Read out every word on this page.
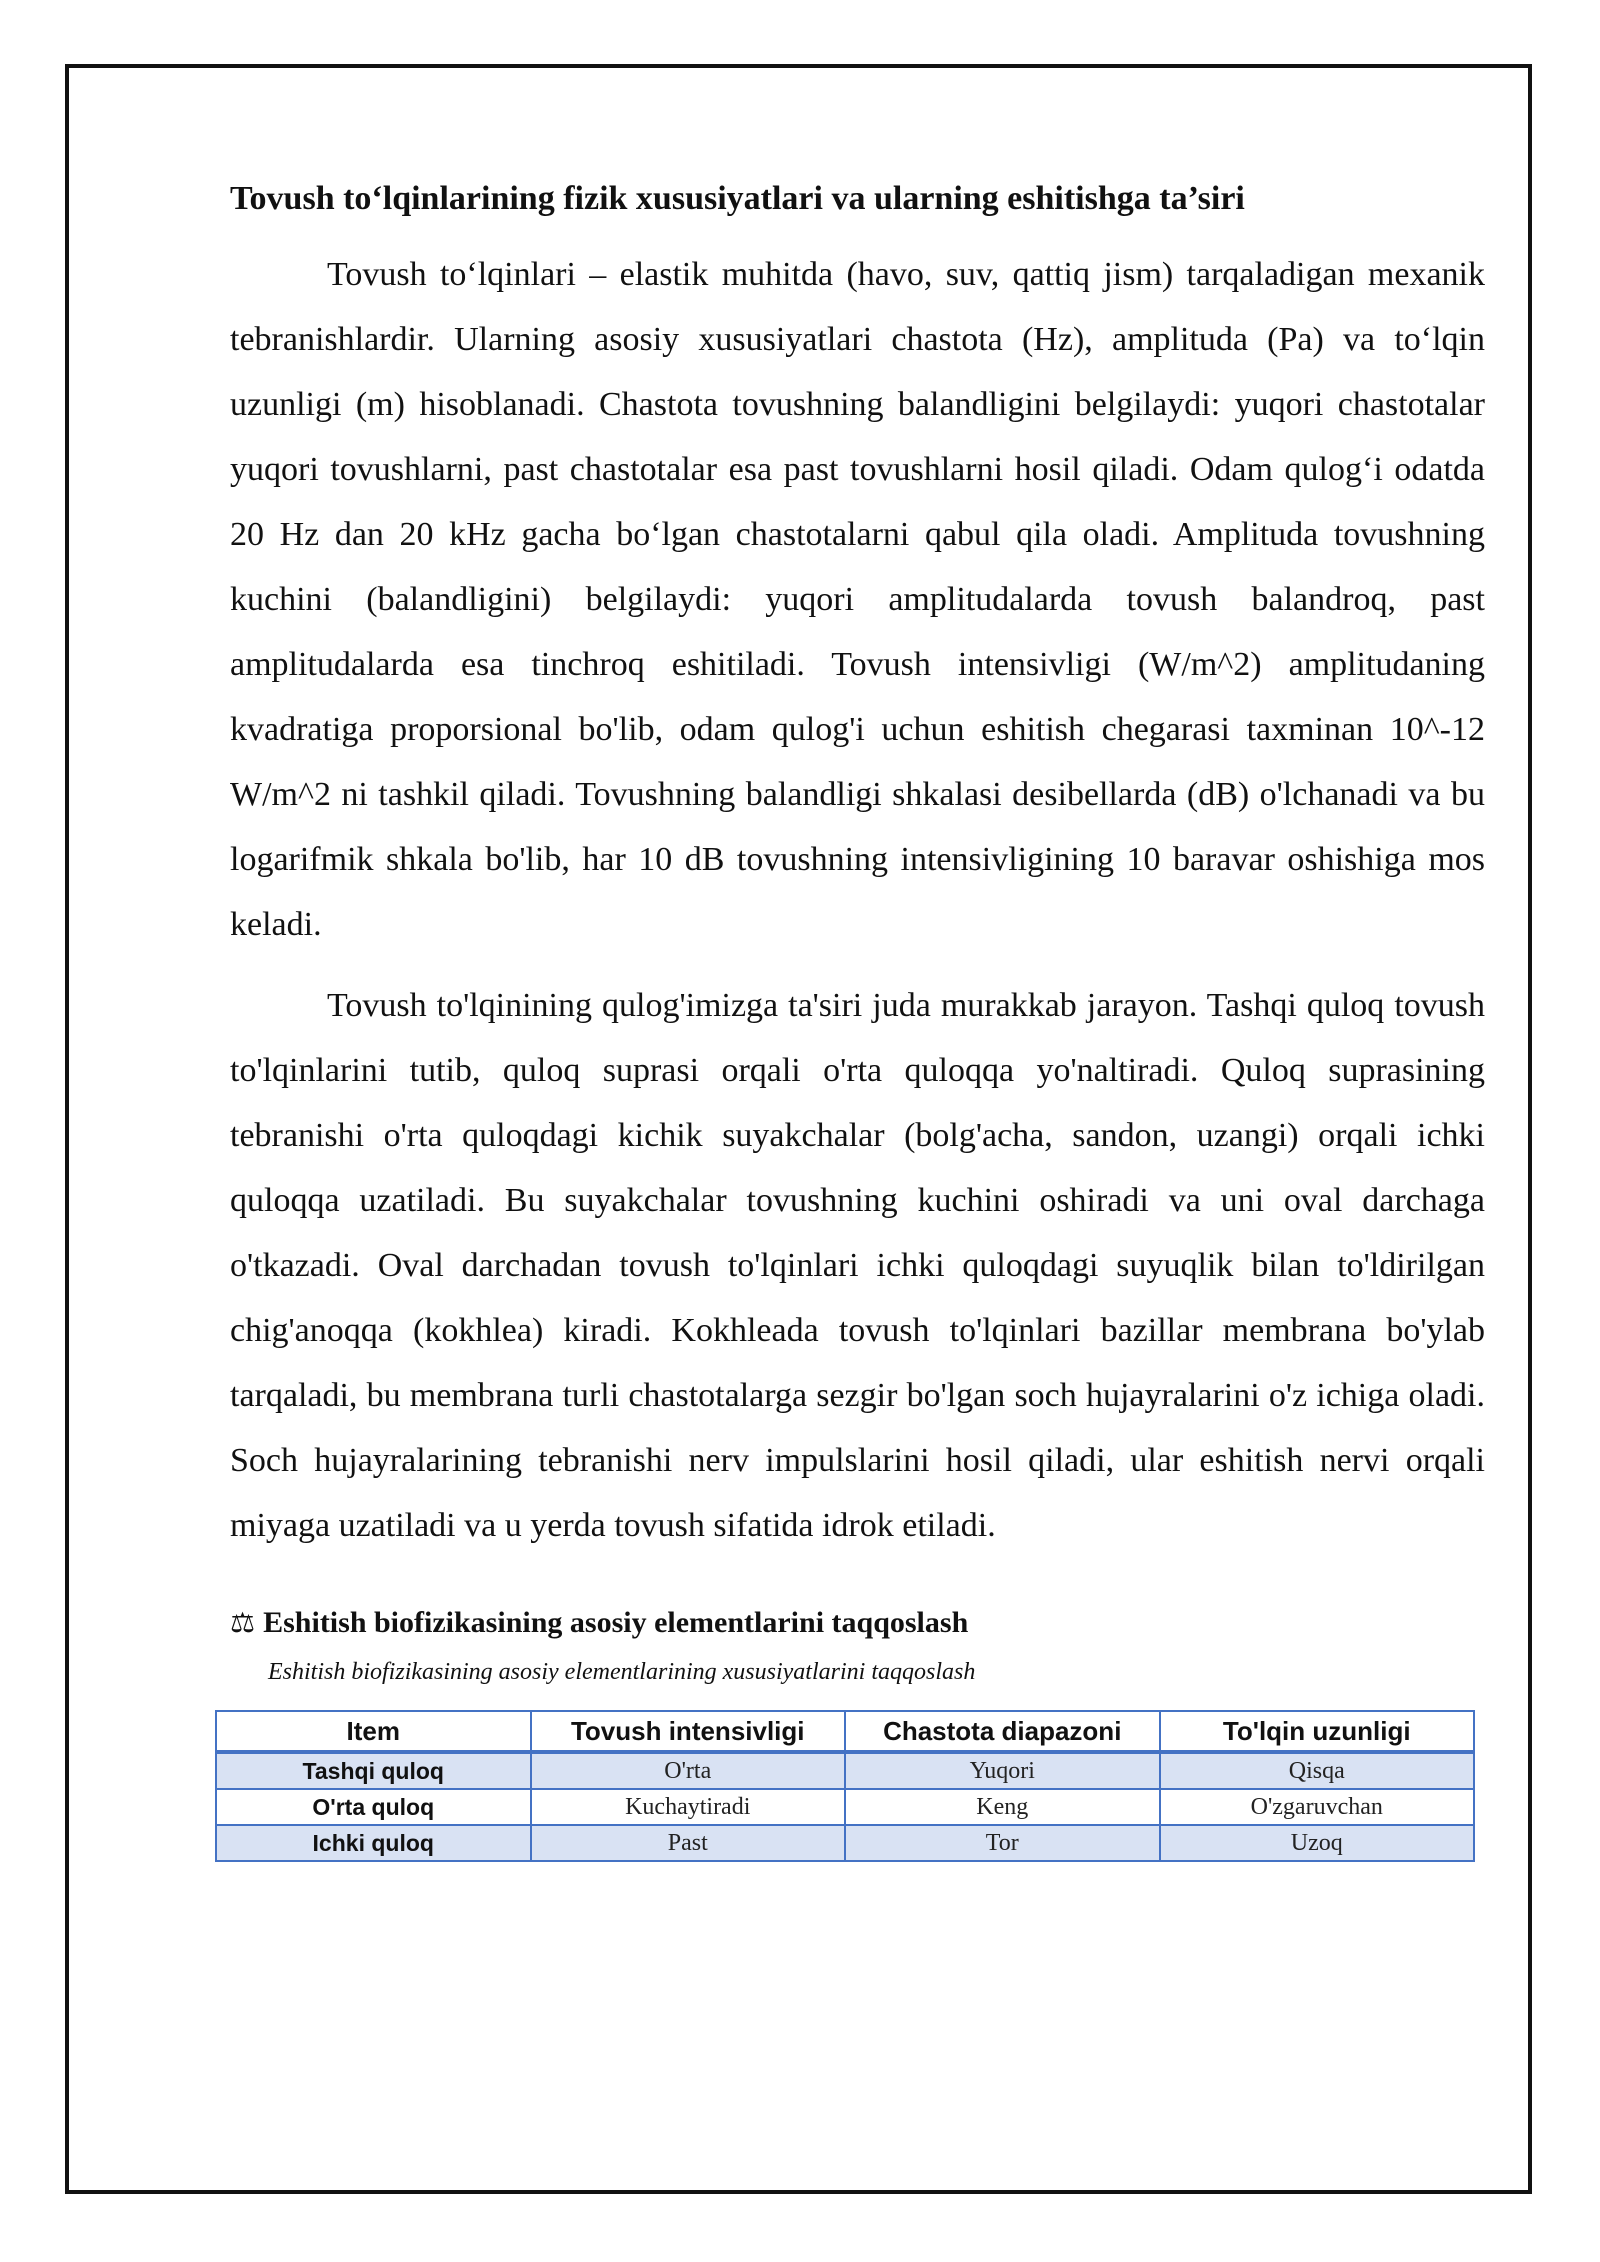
Tovush to‘lqinlarining fizik xususiyatlari va ularning eshitishga ta’siri

Tovush to‘lqinlari – elastik muhitda (havo, suv, qattiq jism) tarqaladigan mexanik tebranishlardir. Ularning asosiy xususiyatlari chastota (Hz), amplituda (Pa) va to‘lqin uzunligi (m) hisoblanadi. Chastota tovushning balandligini belgilaydi: yuqori chastotalar yuqori tovushlarni, past chastotalar esa past tovushlarni hosil qiladi. Odam qulog‘i odatda 20 Hz dan 20 kHz gacha bo‘lgan chastotalarni qabul qila oladi. Amplituda tovushning kuchini (balandligini) belgilaydi: yuqori amplitudalarda tovush balandroq, past amplitudalarda esa tinchroq eshitiladi. Tovush intensivligi (W/m^2) amplitudaning kvadratiga proporsional bo'lib, odam qulog'i uchun eshitish chegarasi taxminan 10^-12 W/m^2 ni tashkil qiladi. Tovushning balandligi shkalasi desibellarda (dB) o'lchanadi va bu logarifmik shkala bo'lib, har 10 dB tovushning intensivligining 10 baravar oshishiga mos keladi.

Tovush to'lqinining qulog'imizga ta'siri juda murakkab jarayon. Tashqi quloq tovush to'lqinlarini tutib, quloq suprasi orqali o'rta quloqqa yo'naltiradi. Quloq suprasining tebranishi o'rta quloqdagi kichik suyakchalar (bolg'acha, sandon, uzangi) orqali ichki quloqqa uzatiladi. Bu suyakchalar tovushning kuchini oshiradi va uni oval darchaga o'tkazadi. Oval darchadan tovush to'lqinlari ichki quloqdagi suyuqlik bilan to'ldirilgan chig'anoqqa (kokhlea) kiradi. Kokhleada tovush to'lqinlari bazillar membrana bo'ylab tarqaladi, bu membrana turli chastotalarga sezgir bo'lgan soch hujayralarini o'z ichiga oladi. Soch hujayralarining tebranishi nerv impulslarini hosil qiladi, ular eshitish nervi orqali miyaga uzatiladi va u yerda tovush sifatida idrok etiladi.

⚖ Eshitish biofizikasining asosiy elementlarini taqqoslash
Eshitish biofizikasining asosiy elementlarining xususiyatlarini taqqoslash
Item	Tovush intensivligi	Chastota diapazoni	To'lqin uzunligi
Tashqi quloq	O'rta	Yuqori	Qisqa
O'rta quloq	Kuchaytiradi	Keng	O'zgaruvchan
Ichki quloq	Past	Tor	Uzoq
